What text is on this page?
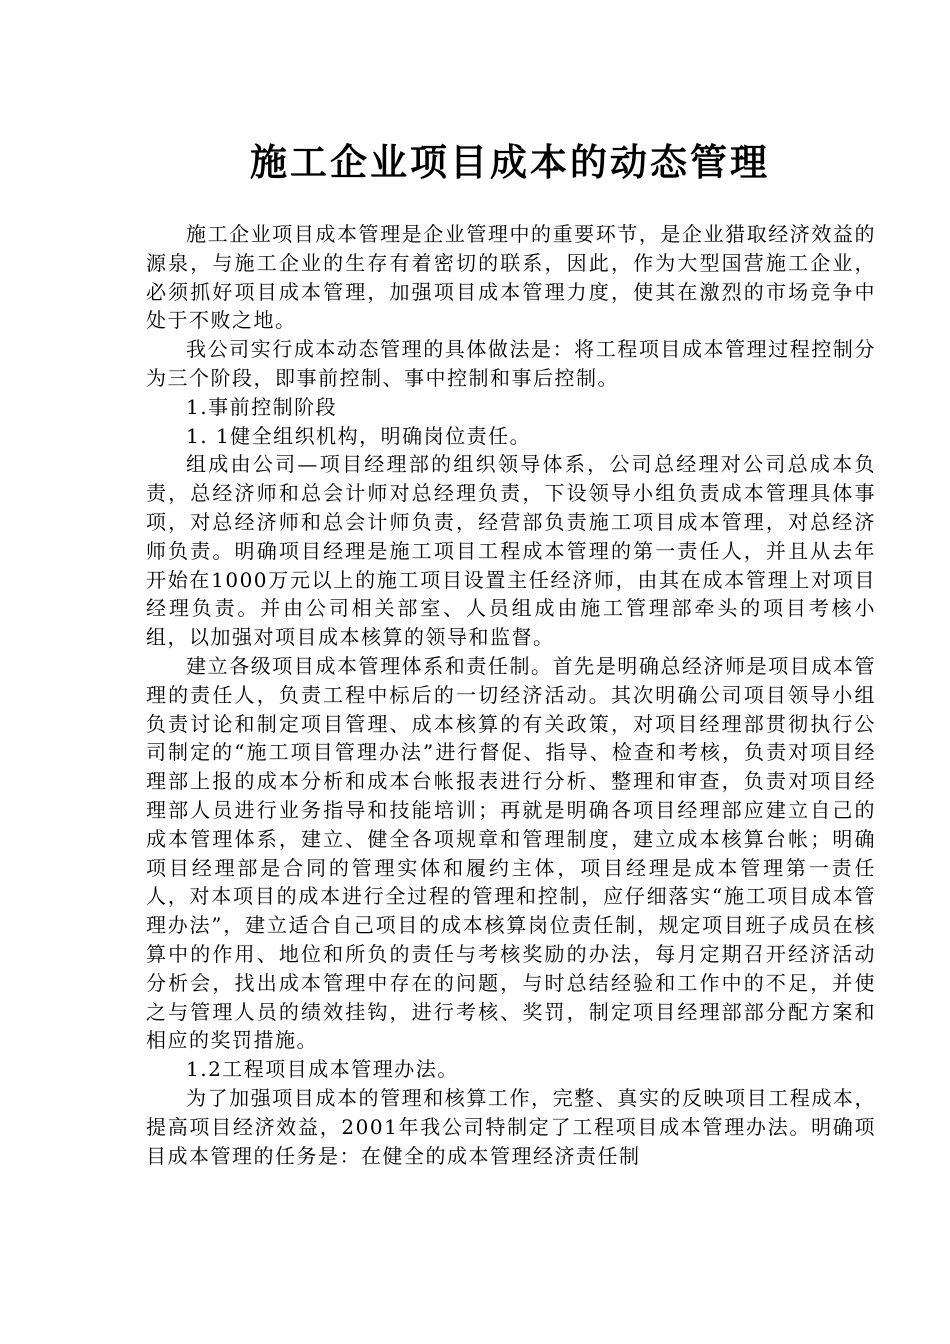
施工企业项目成本的动态管理

施工企业项目成本管理是企业管理中的重要环节，是企业猎取经济效益的源泉，与施工企业的生存有着密切的联系，因此，作为大型国营施工企业，必须抓好项目成本管理，加强项目成本管理力度，使其在激烈的市场竞争中处于不败之地。

我公司实行成本动态管理的具体做法是：将工程项目成本管理过程控制分为三个阶段，即事前控制、事中控制和事后控制。

1.事前控制阶段

1. 1健全组织机构，明确岗位责任。

组成由公司—项目经理部的组织领导体系，公司总经理对公司总成本负责，总经济师和总会计师对总经理负责，下设领导小组负责成本管理具体事项，对总经济师和总会计师负责，经营部负责施工项目成本管理，对总经济师负责。明确项目经理是施工项目工程成本管理的第一责任人，并且从去年开始在1000万元以上的施工项目设置主任经济师，由其在成本管理上对项目经理负责。并由公司相关部室、人员组成由施工管理部牵头的项目考核小组，以加强对项目成本核算的领导和监督。

建立各级项目成本管理体系和责任制。首先是明确总经济师是项目成本管理的责任人，负责工程中标后的一切经济活动。其次明确公司项目领导小组负责讨论和制定项目管理、成本核算的有关政策，对项目经理部贯彻执行公司制定的“施工项目管理办法”进行督促、指导、检查和考核，负责对项目经理部上报的成本分析和成本台帐报表进行分析、整理和审查，负责对项目经理部人员进行业务指导和技能培训；再就是明确各项目经理部应建立自己的成本管理体系，建立、健全各项规章和管理制度，建立成本核算台帐；明确项目经理部是合同的管理实体和履约主体，项目经理是成本管理第一责任人，对本项目的成本进行全过程的管理和控制，应仔细落实“施工项目成本管理办法”，建立适合自己项目的成本核算岗位责任制，规定项目班子成员在核算中的作用、地位和所负的责任与考核奖励的办法，每月定期召开经济活动分析会，找出成本管理中存在的问题，与时总结经验和工作中的不足，并使之与管理人员的绩效挂钩，进行考核、奖罚，制定项目经理部部分配方案和相应的奖罚措施。

1.2工程项目成本管理办法。

为了加强项目成本的管理和核算工作，完整、真实的反映项目工程成本，提高项目经济效益，2001年我公司特制定了工程项目成本管理办法。明确项目成本管理的任务是：在健全的成本管理经济责任制
